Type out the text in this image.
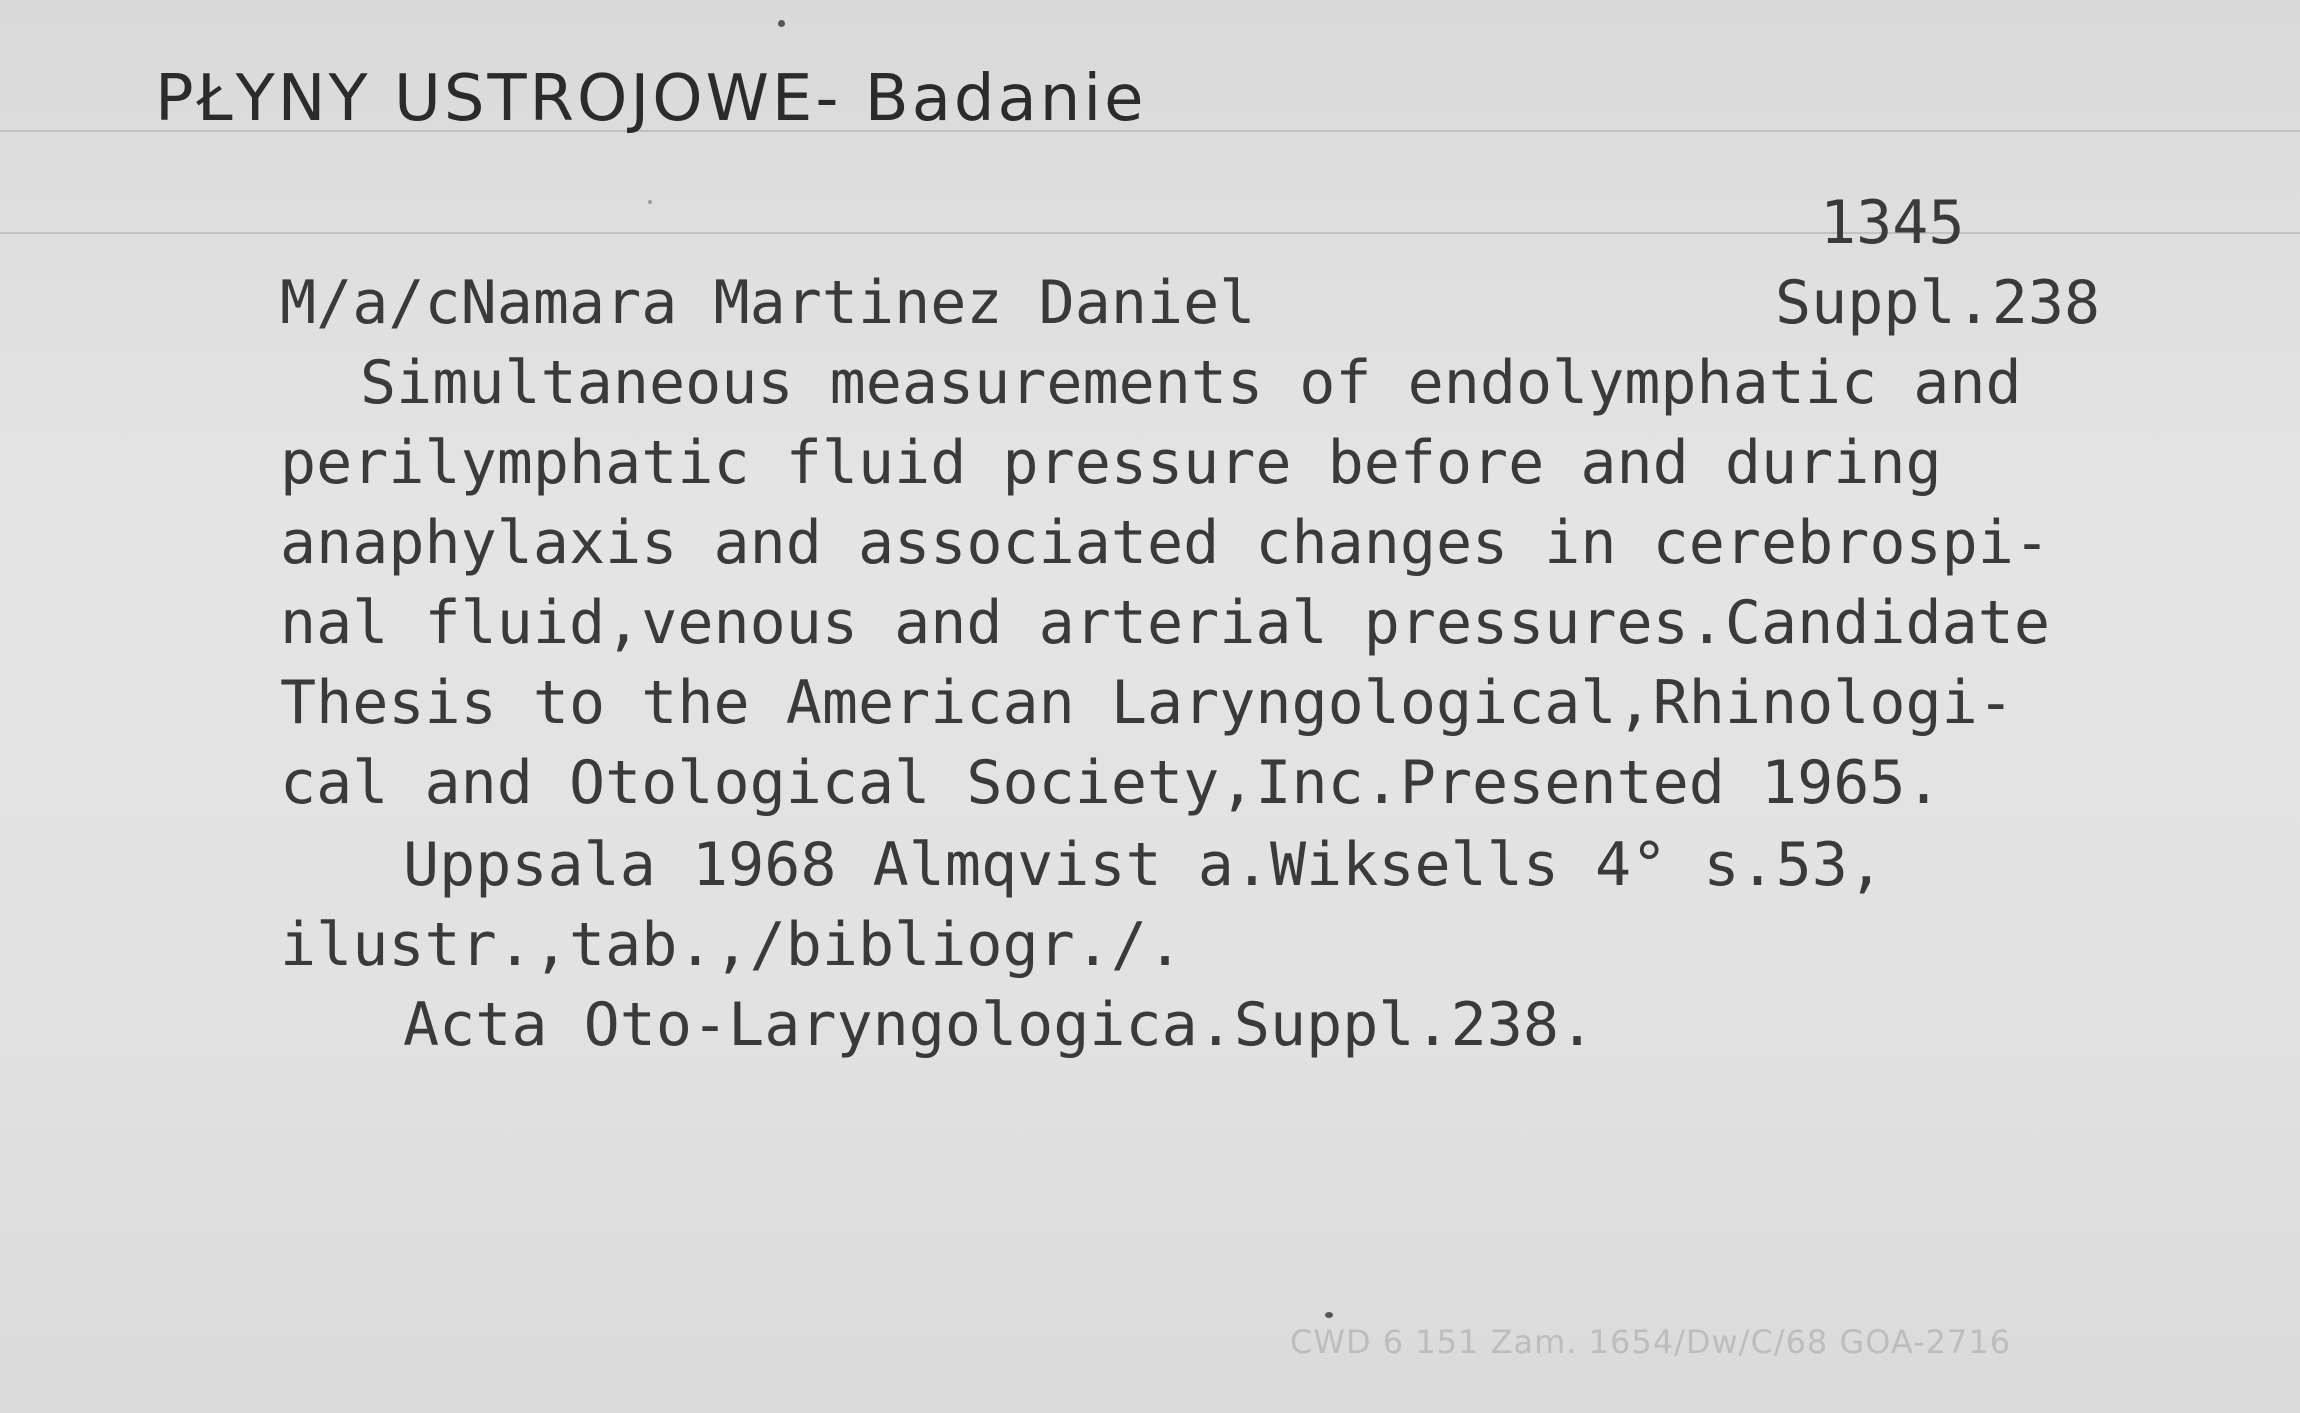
PŁYNY USTROJOWE- Badanie
1345
M/a/cNamara Martinez Daniel	Suppl.238
Simultaneous measurements of endolymphatic and
perilymphatic fluid pressure before and during
anaphylaxis and associated changes in cerebrospi-
nal fluid,venous and arterial pressures.Candidate
Thesis to the American Laryngological,Rhinologi-
cal and Otological Society,Inc.Presented 1965.
Uppsala 1968 Almqvist a.Wiksells 4° s.53,
ilustr.,tab.,/bibliogr./.
Acta Oto-Laryngologica.Suppl.238.
CWD 6 151 Zam. 1654/Dw/C/68 GOA-2716
